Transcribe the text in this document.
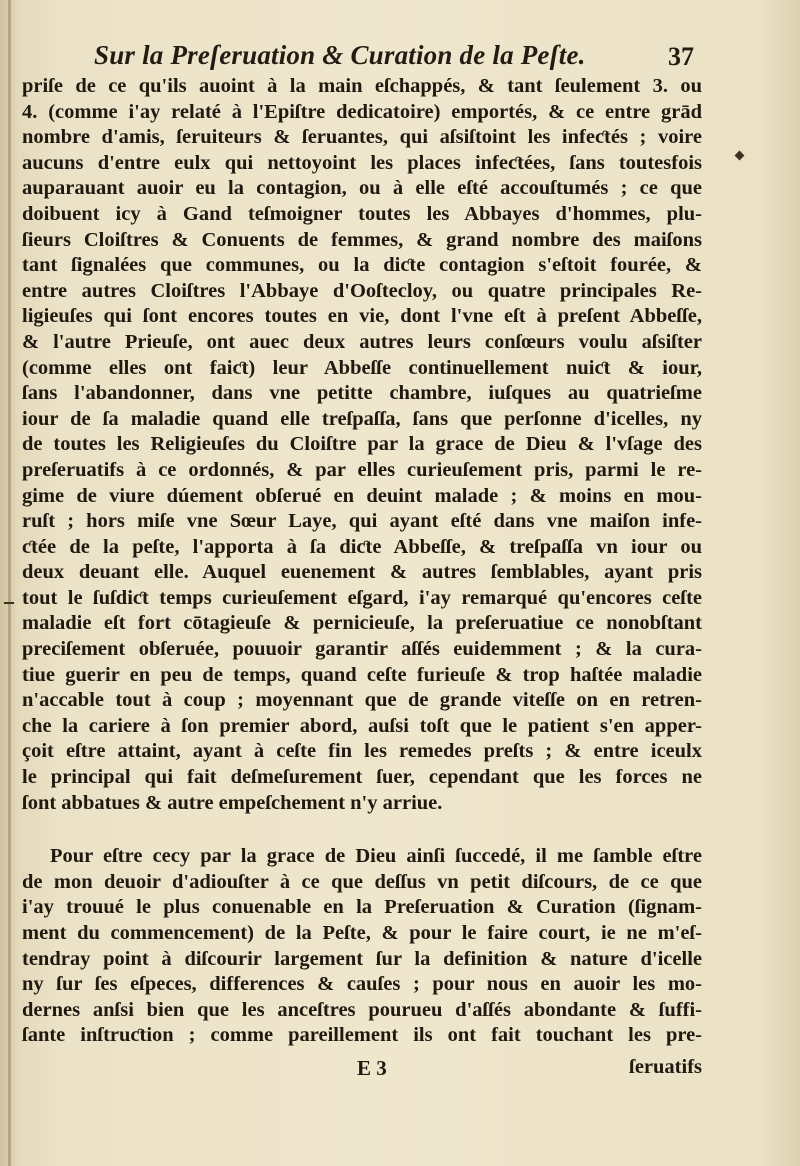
Sur la Preſeruation & Curation de la Peſte.	37
priſe de ce qu'ils auoint à la main eſchappés, & tant ſeulement 3. ou
4. (comme i'ay relaté à l'Epiſtre dedicatoire) emportés, & ce entre grād
nombre d'amis, ſeruiteurs & ſeruantes, qui aſsiſtoint les infeƈtés ; voire
aucuns d'entre eulx qui nettoyoint les places infeƈtées, ſans toutesfois
auparauant auoir eu la contagion, ou à elle eſté accouſtumés ; ce que
doibuent icy à Gand teſmoigner toutes les Abbayes d'hommes, plu-
ſieurs Cloiſtres & Conuents de femmes, & grand nombre des maiſons
tant ſignalées que communes, ou la diƈte contagion s'eſtoit fourée, &
entre autres Cloiſtres l'Abbaye d'Ooſtecloy, ou quatre principales Re-
ligieuſes qui ſont encores toutes en vie, dont l'vne eſt à preſent Abbeſſe,
& l'autre Prieuſe, ont auec deux autres leurs conſœurs voulu aſsiſter
(comme elles ont faiƈt) leur Abbeſſe continuellement nuiƈt & iour,
ſans l'abandonner, dans vne petitte chambre, iuſques au quatrieſme
iour de ſa maladie quand elle treſpaſſa, ſans que perſonne d'icelles, ny
de toutes les Religieuſes du Cloiſtre par la grace de Dieu & l'vſage des
preſeruatifs à ce ordonnés, & par elles curieuſement pris, parmi le re-
gime de viure dúement obſerué en deuint malade ; & moins en mou-
ruſt ; hors miſe vne Sœur Laye, qui ayant eſté dans vne maiſon infe-
ƈtée de la peſte, l'apporta à ſa diƈte Abbeſſe, & treſpaſſa vn iour ou
deux deuant elle. Auquel euenement & autres ſemblables, ayant pris
tout le ſuſdiƈt temps curieuſement eſgard, i'ay remarqué qu'encores ceſte
maladie eſt fort cōtagieuſe & pernicieuſe, la preſeruatiue ce nonobſtant
preciſement obſeruée, pouuoir garantir aſſés euidemment ; & la cura-
tiue guerir en peu de temps, quand ceſte furieuſe & trop haſtée maladie
n'accable tout à coup ; moyennant que de grande viteſſe on en retren-
che la cariere à ſon premier abord, auſsi toſt que le patient s'en apper-
çoit eſtre attaint, ayant à ceſte fin les remedes preſts ; & entre iceulx
le principal qui fait deſmeſurement ſuer, cependant que les forces ne
ſont abbatues & autre empeſchement n'y arriue.
Pour eſtre cecy par la grace de Dieu ainſi ſuccedé, il me ſamble eſtre
de mon deuoir d'adiouſter à ce que deſſus vn petit diſcours, de ce que
i'ay trouué le plus conuenable en la Preſeruation & Curation (ſignam-
ment du commencement) de la Peſte, & pour le faire court, ie ne m'eſ-
tendray point à diſcourir largement ſur la definition & nature d'icelle
ny ſur ſes eſpeces, differences & cauſes ; pour nous en auoir les mo-
dernes anſsi bien que les anceſtres pourueu d'aſſés abondante & ſuffi-
ſante inſtruƈtion ; comme pareillement ils ont fait touchant les pre-
E 3	ſeruatifs
